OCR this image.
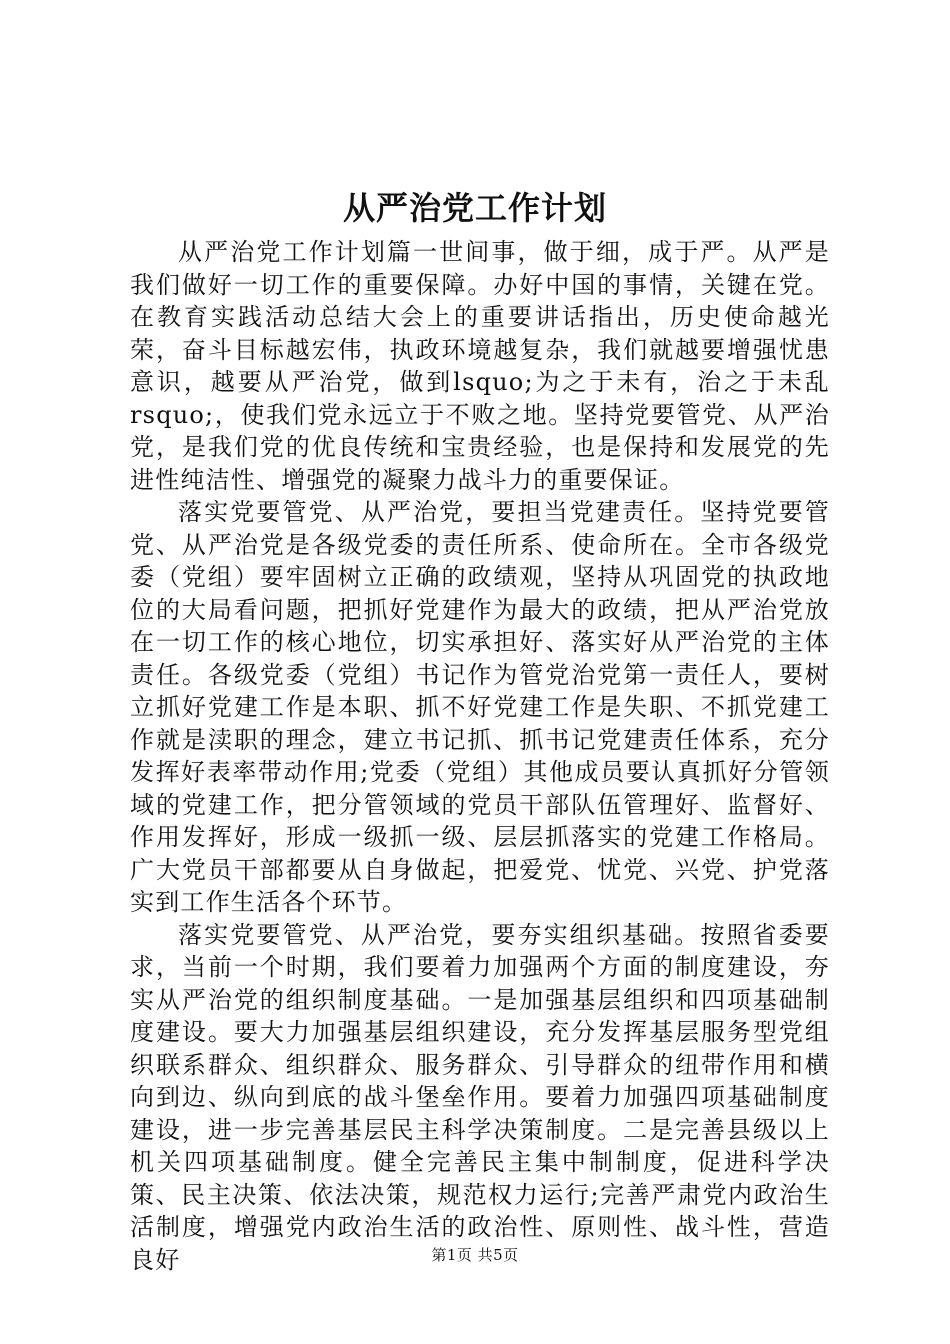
从严治党工作计划

从严治党工作计划篇一世间事，做于细，成于严。从严是我们做好一切工作的重要保障。办好中国的事情，关键在党。在教育实践活动总结大会上的重要讲话指出，历史使命越光荣，奋斗目标越宏伟，执政环境越复杂，我们就越要增强忧患意识，越要从严治党，做到lsquo;为之于未有，治之于未乱rsquo;，使我们党永远立于不败之地。坚持党要管党、从严治党，是我们党的优良传统和宝贵经验，也是保持和发展党的先进性纯洁性、增强党的凝聚力战斗力的重要保证。

落实党要管党、从严治党，要担当党建责任。坚持党要管党、从严治党是各级党委的责任所系、使命所在。全市各级党委（党组）要牢固树立正确的政绩观，坚持从巩固党的执政地位的大局看问题，把抓好党建作为最大的政绩，把从严治党放在一切工作的核心地位，切实承担好、落实好从严治党的主体责任。各级党委（党组）书记作为管党治党第一责任人，要树立抓好党建工作是本职、抓不好党建工作是失职、不抓党建工作就是渎职的理念，建立书记抓、抓书记党建责任体系，充分发挥好表率带动作用;党委（党组）其他成员要认真抓好分管领域的党建工作，把分管领域的党员干部队伍管理好、监督好、作用发挥好，形成一级抓一级、层层抓落实的党建工作格局。广大党员干部都要从自身做起，把爱党、忧党、兴党、护党落实到工作生活各个环节。

落实党要管党、从严治党，要夯实组织基础。按照省委要求，当前一个时期，我们要着力加强两个方面的制度建设，夯实从严治党的组织制度基础。一是加强基层组织和四项基础制度建设。要大力加强基层组织建设，充分发挥基层服务型党组织联系群众、组织群众、服务群众、引导群众的纽带作用和横向到边、纵向到底的战斗堡垒作用。要着力加强四项基础制度建设，进一步完善基层民主科学决策制度。二是完善县级以上机关四项基础制度。健全完善民主集中制制度，促进科学决策、民主决策、依法决策，规范权力运行;完善严肃党内政治生活制度，增强党内政治生活的政治性、原则性、战斗性，营造良好	第1页 共5页
